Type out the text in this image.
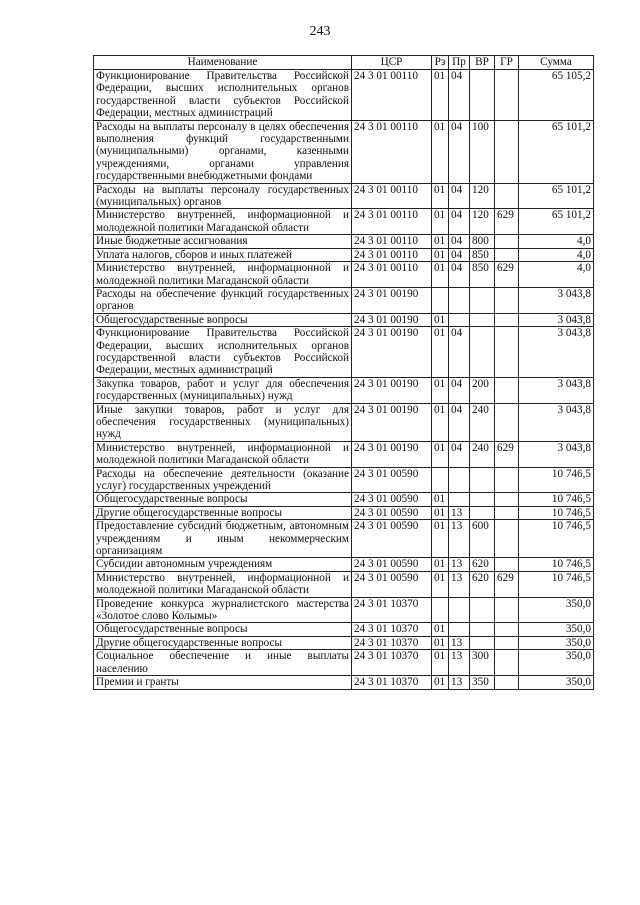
243
Наименование	ЦСР	Рз	Пр	ВР	ГР	Сумма
Функционирование Правительства Российской Федерации, высших исполнительных органов государственной власти субъектов Российской Федерации, местных администраций	24 3 01 00110	01	04			65 105,2
Расходы на выплаты персоналу в целях обеспечения выполнения функций государственными (муниципальными) органами, казенными учреждениями, органами управления государственными внебюджетными фондами	24 3 01 00110	01	04	100		65 101,2
Расходы на выплаты персоналу государственных (муниципальных) органов	24 3 01 00110	01	04	120		65 101,2
Министерство внутренней, информационной и молодежной политики Магаданской области	24 3 01 00110	01	04	120	629	65 101,2
Иные бюджетные ассигнования	24 3 01 00110	01	04	800		4,0
Уплата налогов, сборов и иных платежей	24 3 01 00110	01	04	850		4,0
Министерство внутренней, информационной и молодежной политики Магаданской области	24 3 01 00110	01	04	850	629	4,0
Расходы на обеспечение функций государственных органов	24 3 01 00190					3 043,8
Общегосударственные вопросы	24 3 01 00190	01				3 043,8
Функционирование Правительства Российской Федерации, высших исполнительных органов государственной власти субъектов Российской Федерации, местных администраций	24 3 01 00190	01	04			3 043,8
Закупка товаров, работ и услуг для обеспечения государственных (муниципальных) нужд	24 3 01 00190	01	04	200		3 043,8
Иные закупки товаров, работ и услуг для обеспечения государственных (муниципальных) нужд	24 3 01 00190	01	04	240		3 043,8
Министерство внутренней, информационной и молодежной политики Магаданской области	24 3 01 00190	01	04	240	629	3 043,8
Расходы на обеспечение деятельности (оказание услуг) государственных учреждений	24 3 01 00590					10 746,5
Общегосударственные вопросы	24 3 01 00590	01				10 746,5
Другие общегосударственные вопросы	24 3 01 00590	01	13			10 746,5
Предоставление субсидий бюджетным, автономным учреждениям и иным некоммерческим организациям	24 3 01 00590	01	13	600		10 746,5
Субсидии автономным учреждениям	24 3 01 00590	01	13	620		10 746,5
Министерство внутренней, информационной и молодежной политики Магаданской области	24 3 01 00590	01	13	620	629	10 746,5
Проведение конкурса журналистского мастерства «Золотое слово Колымы»	24 3 01 10370					350,0
Общегосударственные вопросы	24 3 01 10370	01				350,0
Другие общегосударственные вопросы	24 3 01 10370	01	13			350,0
Социальное обеспечение и иные выплаты населению	24 3 01 10370	01	13	300		350,0
Премии и гранты	24 3 01 10370	01	13	350		350,0
